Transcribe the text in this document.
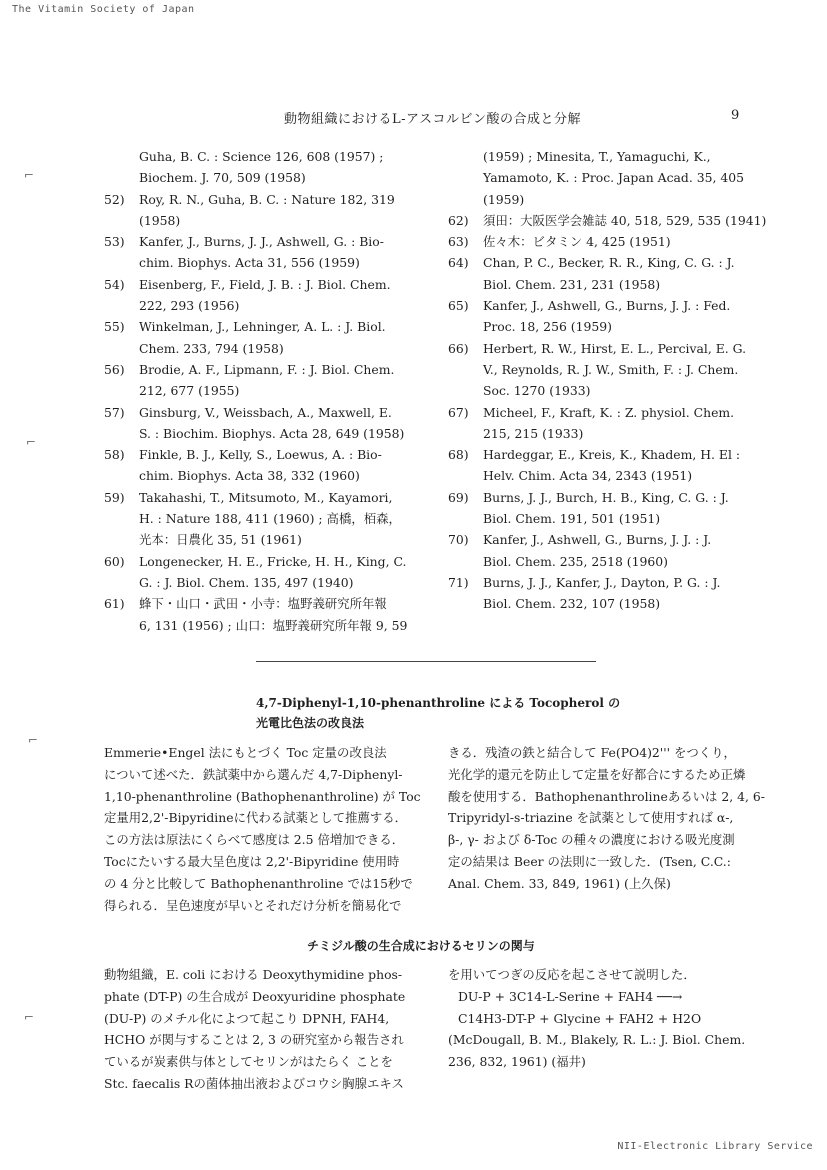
The Vitamin Society of Japan
動物組織におけるL-アスコルビン酸の合成と分解	9
Guha, B. C. : Science 126, 608 (1957) ;
Biochem. J. 70, 509 (1958)
52) Roy, R. N., Guha, B. C. : Nature 182, 319
(1958)
53) Kanfer, J., Burns, J. J., Ashwell, G. : Bio-
chim. Biophys. Acta 31, 556 (1959)
54) Eisenberg, F., Field, J. B. : J. Biol. Chem.
222, 293 (1956)
55) Winkelman, J., Lehninger, A. L. : J. Biol.
Chem. 233, 794 (1958)
56) Brodie, A. F., Lipmann, F. : J. Biol. Chem.
212, 677 (1955)
57) Ginsburg, V., Weissbach, A., Maxwell, E.
S. : Biochim. Biophys. Acta 28, 649 (1958)
58) Finkle, B. J., Kelly, S., Loewus, A. : Bio-
chim. Biophys. Acta 38, 332 (1960)
59) Takahashi, T., Mitsumoto, M., Kayamori,
H. : Nature 188, 411 (1960) ; 高橋，栢森，
光本：日農化 35, 51 (1961)
60) Longenecker, H. E., Fricke, H. H., King, C.
G. : J. Biol. Chem. 135, 497 (1940)
61) 蜂下・山口・武田・小寺：塩野義研究所年報
6, 131 (1956) ; 山口：塩野義研究所年報 9, 59
(1959) ; Minesita, T., Yamaguchi, K.,
Yamamoto, K. : Proc. Japan Acad. 35, 405
(1959)
62) 須田：大阪医学会雑誌 40, 518, 529, 535 (1941)
63) 佐々木：ビタミン 4, 425 (1951)
64) Chan, P. C., Becker, R. R., King, C. G. : J.
Biol. Chem. 231, 231 (1958)
65) Kanfer, J., Ashwell, G., Burns, J. J. : Fed.
Proc. 18, 256 (1959)
66) Herbert, R. W., Hirst, E. L., Percival, E. G.
V., Reynolds, R. J. W., Smith, F. : J. Chem.
Soc. 1270 (1933)
67) Micheel, F., Kraft, K. : Z. physiol. Chem.
215, 215 (1933)
68) Hardeggar, E., Kreis, K., Khadem, H. El :
Helv. Chim. Acta 34, 2343 (1951)
69) Burns, J. J., Burch, H. B., King, C. G. : J.
Biol. Chem. 191, 501 (1951)
70) Kanfer, J., Ashwell, G., Burns, J. J. : J.
Biol. Chem. 235, 2518 (1960)
71) Burns, J. J., Kanfer, J., Dayton, P. G. : J.
Biol. Chem. 232, 107 (1958)
4,7-Diphenyl-1,10-phenanthroline による Tocopherol の
光電比色法の改良法
Emmerie•Engel 法にもとづく Toc 定量の改良法
について述べた．鉄試薬中から選んだ 4,7-Diphenyl-
1,10-phenanthroline (Bathophenanthroline) が Toc
定量用2,2'-Bipyridineに代わる試薬として推薦する．
この方法は原法にくらべて感度は 2.5 倍増加できる．
Tocにたいする最大呈色度は 2,2'-Bipyridine 使用時
の 4 分と比較して Bathophenanthroline では15秒で
得られる．呈色速度が早いとそれだけ分析を簡易化で
きる．残渣の鉄と結合して Fe(PO4)2''' をつくり，
光化学的還元を防止して定量を好都合にするため正燐
酸を使用する．Bathophenanthrolineあるいは 2, 4, 6-
Tripyridyl-s-triazine を試薬として使用すれば α-,
β-, γ- および δ-Toc の種々の濃度における吸光度測
定の結果は Beer の法則に一致した．(Tsen, C.C.:
Anal. Chem. 33, 849, 1961) (上久保)
チミジル酸の生合成におけるセリンの関与
動物組織，E. coli における Deoxythymidine phos-
phate (DT-P) の生合成が Deoxyuridine phosphate
(DU-P) のメチル化によつて起こり DPNH, FAH4,
HCHO が関与することは 2, 3 の研究室から報告され
ているが炭素供与体としてセリンがはたらく ことを
Stc. faecalis Rの菌体抽出液およびコウシ胸腺エキス
を用いてつぎの反応を起こさせて説明した．
DU-P + 3C14-L-Serine + FAH4 ──→
C14H3-DT-P + Glycine + FAH2 + H2O
(McDougall, B. M., Blakely, R. L.: J. Biol. Chem.
236, 832, 1961) (福井)
NII-Electronic Library Service
⌐
⌐
⌐
⌐
